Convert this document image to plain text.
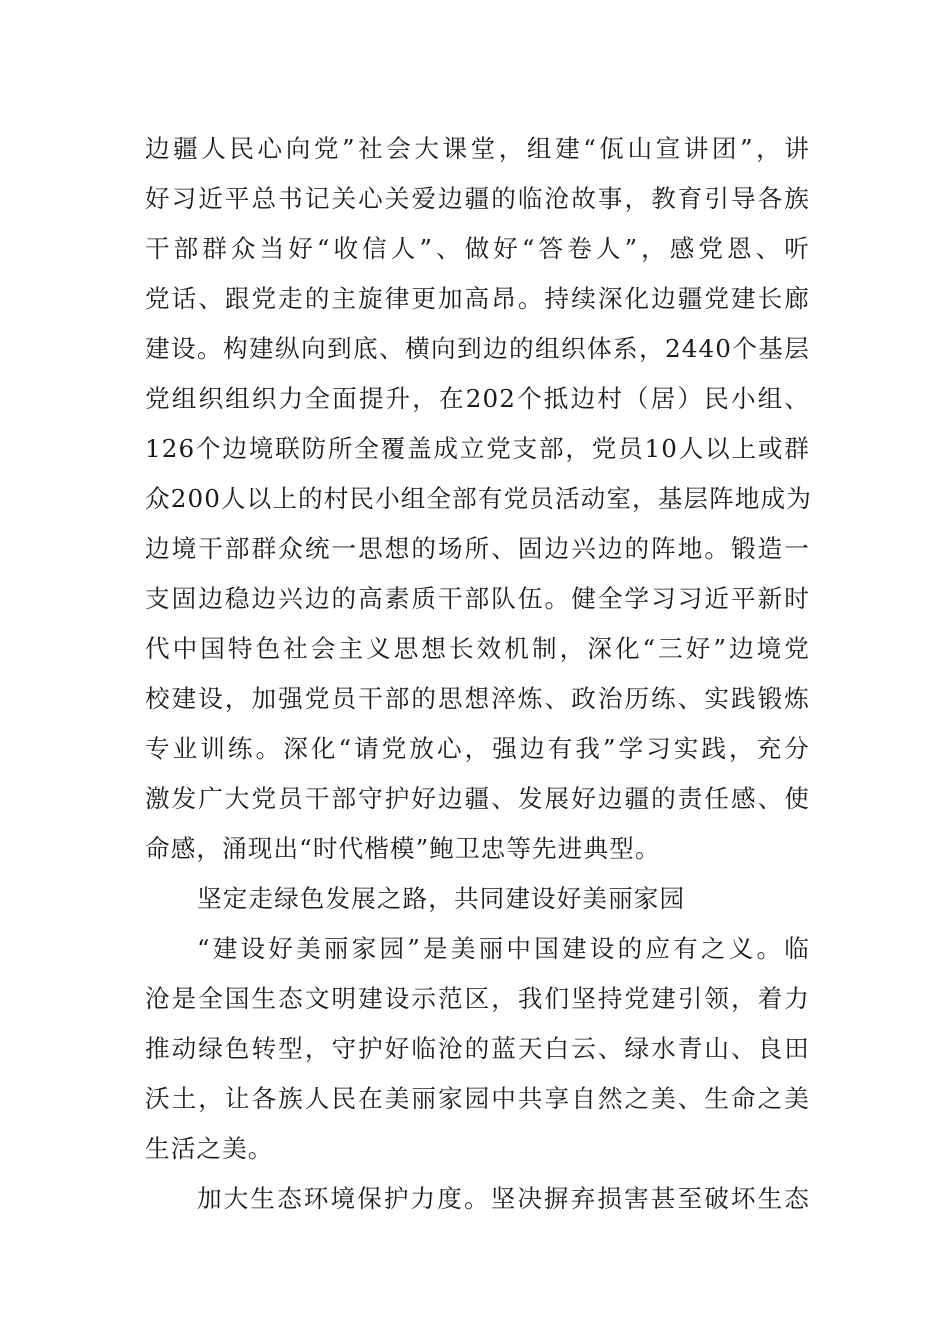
边疆人民心向党”社会大课堂，组建“佤山宣讲团”，讲
好习近平总书记关心关爱边疆的临沧故事，教育引导各族
干部群众当好“收信人”、做好“答卷人”，感党恩、听
党话、跟党走的主旋律更加高昂。持续深化边疆党建长廊
建设。构建纵向到底、横向到边的组织体系，2440个基层
党组织组织力全面提升，在202个抵边村（居）民小组、
126个边境联防所全覆盖成立党支部，党员10人以上或群
众200人以上的村民小组全部有党员活动室，基层阵地成为
边境干部群众统一思想的场所、固边兴边的阵地。锻造一
支固边稳边兴边的高素质干部队伍。健全学习习近平新时
代中国特色社会主义思想长效机制，深化“三好”边境党
校建设，加强党员干部的思想淬炼、政治历练、实践锻炼
专业训练。深化“请党放心，强边有我”学习实践，充分
激发广大党员干部守护好边疆、发展好边疆的责任感、使
命感，涌现出“时代楷模”鲍卫忠等先进典型。
坚定走绿色发展之路，共同建设好美丽家园
“建设好美丽家园”是美丽中国建设的应有之义。临
沧是全国生态文明建设示范区，我们坚持党建引领，着力
推动绿色转型，守护好临沧的蓝天白云、绿水青山、良田
沃土，让各族人民在美丽家园中共享自然之美、生命之美
生活之美。
加大生态环境保护力度。坚决摒弃损害甚至破坏生态
